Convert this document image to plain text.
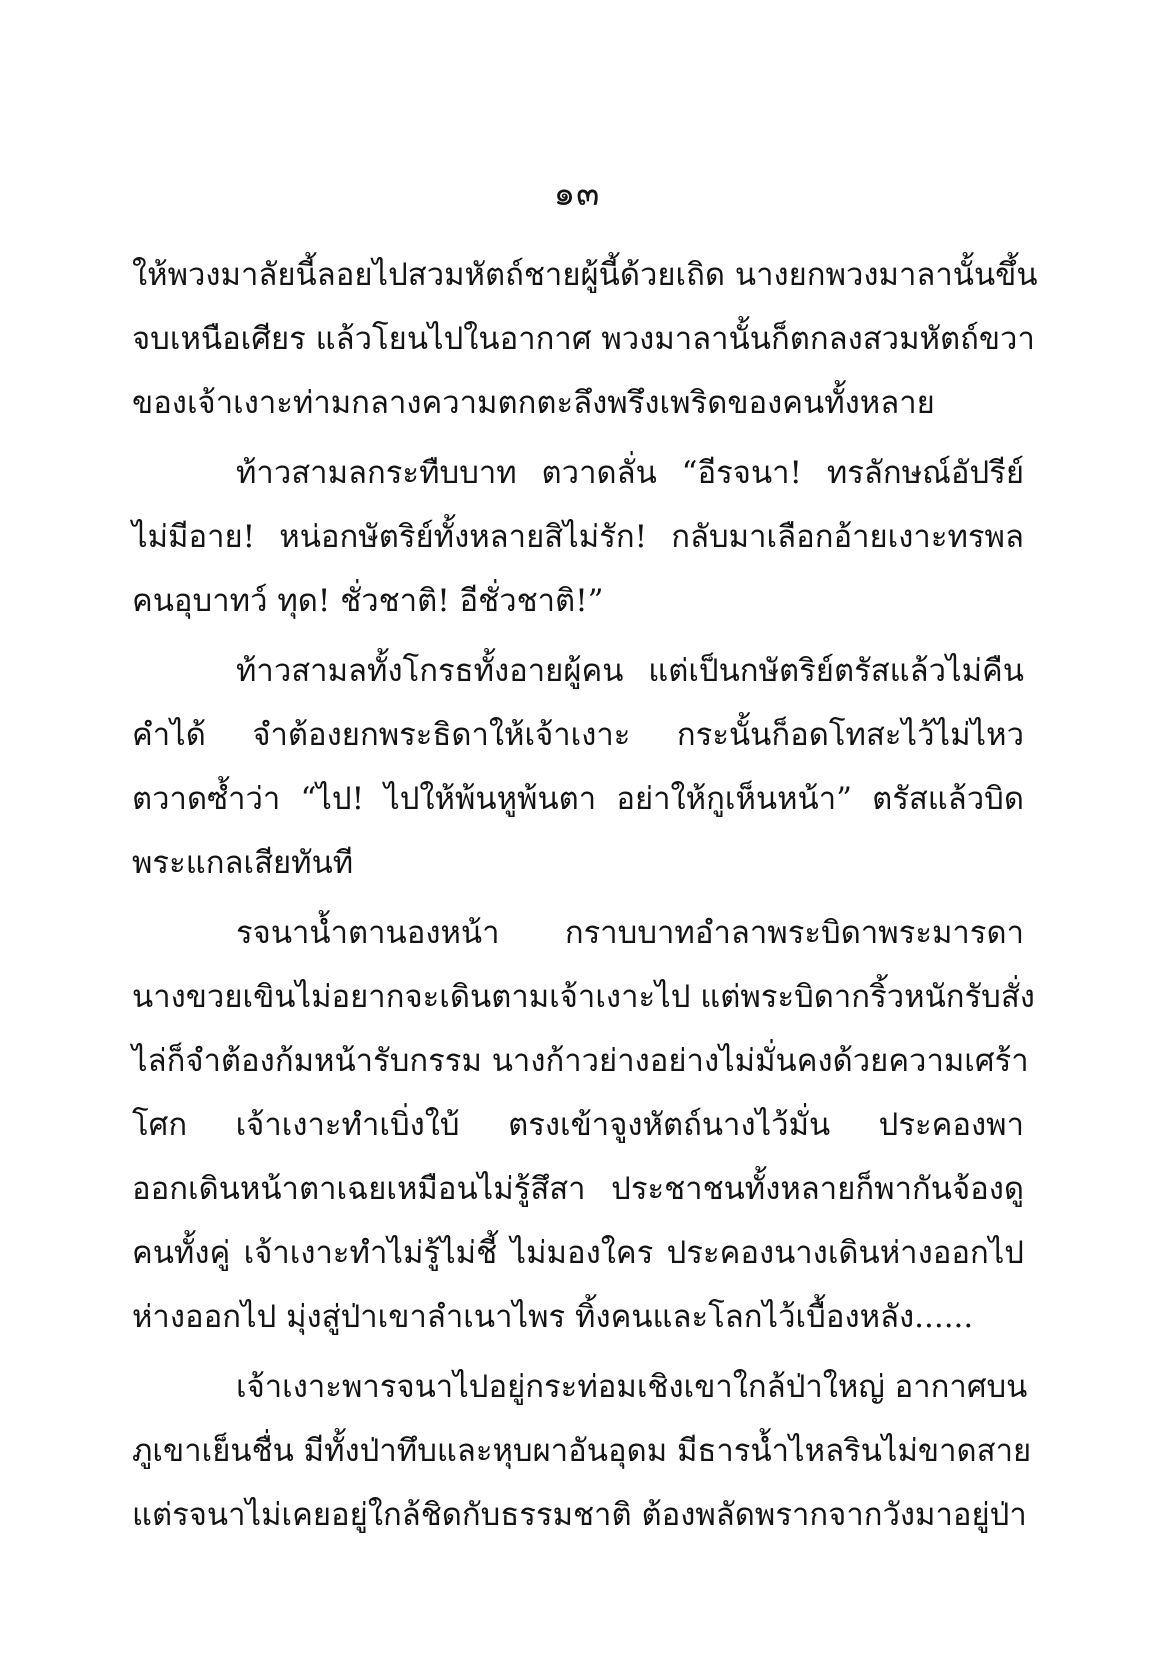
๑๓
ให้พวงมาลัยนี้ลอยไปสวมหัตถ์ชายผู้นี้ด้วยเถิด นางยกพวงมาลานั้นขึ้น
จบเหนือเศียร แล้วโยนไปในอากาศ พวงมาลานั้นก็ตกลงสวมหัตถ์ขวา
ของเจ้าเงาะท่ามกลางความตกตะลึงพรึงเพริดของคนทั้งหลาย
ท้าวสามลกระทืบบาท ตวาดลั่น “อีรจนา! ทรลักษณ์อัปรีย์
ไม่มีอาย! หน่อกษัตริย์ทั้งหลายสิไม่รัก! กลับมาเลือกอ้ายเงาะทรพล
คนอุบาทว์ ทุด! ชั่วชาติ! อีชั่วชาติ!”
ท้าวสามลทั้งโกรธทั้งอายผู้คน แต่เป็นกษัตริย์ตรัสแล้วไม่คืน
คำได้ จำต้องยกพระธิดาให้เจ้าเงาะ กระนั้นก็อดโทสะไว้ไม่ไหว
ตวาดซ้ำว่า “ไป! ไปให้พ้นหูพ้นตา อย่าให้กูเห็นหน้า” ตรัสแล้วบิด
พระแกลเสียทันที
รจนาน้ำตานองหน้า กราบบาทอำลาพระบิดาพระมารดา
นางขวยเขินไม่อยากจะเดินตามเจ้าเงาะไป แต่พระบิดากริ้วหนักรับสั่ง
ไล่ก็จำต้องก้มหน้ารับกรรม นางก้าวย่างอย่างไม่มั่นคงด้วยความเศร้า
โศก เจ้าเงาะทำเบิ่งใบ้ ตรงเข้าจูงหัตถ์นางไว้มั่น ประคองพา
ออกเดินหน้าตาเฉยเหมือนไม่รู้สึสา ประชาชนทั้งหลายก็พากันจ้องดู
คนทั้งคู่ เจ้าเงาะทำไม่รู้ไม่ชี้ ไม่มองใคร ประคองนางเดินห่างออกไป
ห่างออกไป มุ่งสู่ป่าเขาลำเนาไพร ทิ้งคนและโลกไว้เบื้องหลัง......
เจ้าเงาะพารจนาไปอยู่กระท่อมเชิงเขาใกล้ป่าใหญ่ อากาศบน
ภูเขาเย็นชื่น มีทั้งป่าทึบและหุบผาอันอุดม มีธารน้ำไหลรินไม่ขาดสาย
แต่รจนาไม่เคยอยู่ใกล้ชิดกับธรรมชาติ ต้องพลัดพรากจากวังมาอยู่ป่า
